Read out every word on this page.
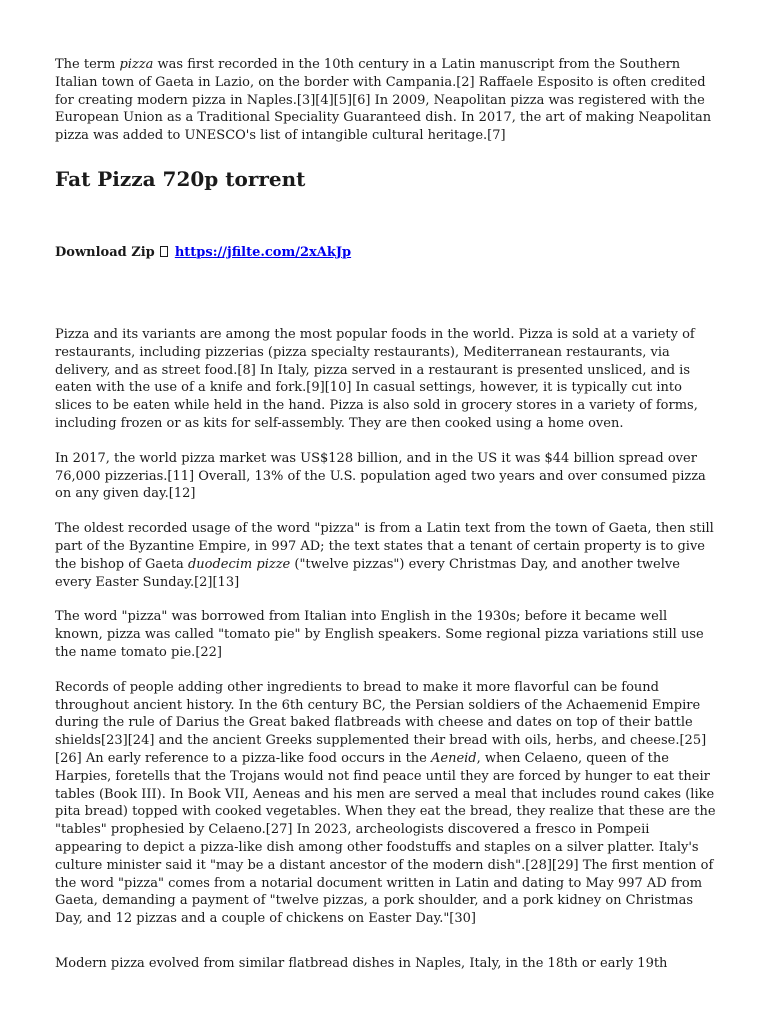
The term pizza was first recorded in the 10th century in a Latin manuscript from the Southern Italian town of Gaeta in Lazio, on the border with Campania.[2] Raffaele Esposito is often credited for creating modern pizza in Naples.[3][4][5][6] In 2009, Neapolitan pizza was registered with the European Union as a Traditional Speciality Guaranteed dish. In 2017, the art of making Neapolitan pizza was added to UNESCO's list of intangible cultural heritage.[7]

Fat Pizza 720p torrent
Download Zip https://jfilte.com/2xAkJp

Pizza and its variants are among the most popular foods in the world. Pizza is sold at a variety of restaurants, including pizzerias (pizza specialty restaurants), Mediterranean restaurants, via delivery, and as street food.[8] In Italy, pizza served in a restaurant is presented unsliced, and is eaten with the use of a knife and fork.[9][10] In casual settings, however, it is typically cut into slices to be eaten while held in the hand. Pizza is also sold in grocery stores in a variety of forms, including frozen or as kits for self-assembly. They are then cooked using a home oven.

In 2017, the world pizza market was US$128 billion, and in the US it was $44 billion spread over 76,000 pizzerias.[11] Overall, 13% of the U.S. population aged two years and over consumed pizza on any given day.[12]

The oldest recorded usage of the word "pizza" is from a Latin text from the town of Gaeta, then still part of the Byzantine Empire, in 997 AD; the text states that a tenant of certain property is to give the bishop of Gaeta duodecim pizze ("twelve pizzas") every Christmas Day, and another twelve every Easter Sunday.[2][13]

The word "pizza" was borrowed from Italian into English in the 1930s; before it became well known, pizza was called "tomato pie" by English speakers. Some regional pizza variations still use the name tomato pie.[22]

Records of people adding other ingredients to bread to make it more flavorful can be found throughout ancient history. In the 6th century BC, the Persian soldiers of the Achaemenid Empire during the rule of Darius the Great baked flatbreads with cheese and dates on top of their battle shields[23][24] and the ancient Greeks supplemented their bread with oils, herbs, and cheese.[25][26] An early reference to a pizza-like food occurs in the Aeneid, when Celaeno, queen of the Harpies, foretells that the Trojans would not find peace until they are forced by hunger to eat their tables (Book III). In Book VII, Aeneas and his men are served a meal that includes round cakes (like pita bread) topped with cooked vegetables. When they eat the bread, they realize that these are the "tables" prophesied by Celaeno.[27] In 2023, archeologists discovered a fresco in Pompeii appearing to depict a pizza-like dish among other foodstuffs and staples on a silver platter. Italy's culture minister said it "may be a distant ancestor of the modern dish".[28][29] The first mention of the word "pizza" comes from a notarial document written in Latin and dating to May 997 AD from Gaeta, demanding a payment of "twelve pizzas, a pork shoulder, and a pork kidney on Christmas Day, and 12 pizzas and a couple of chickens on Easter Day."[30]

Modern pizza evolved from similar flatbread dishes in Naples, Italy, in the 18th or early 19th
